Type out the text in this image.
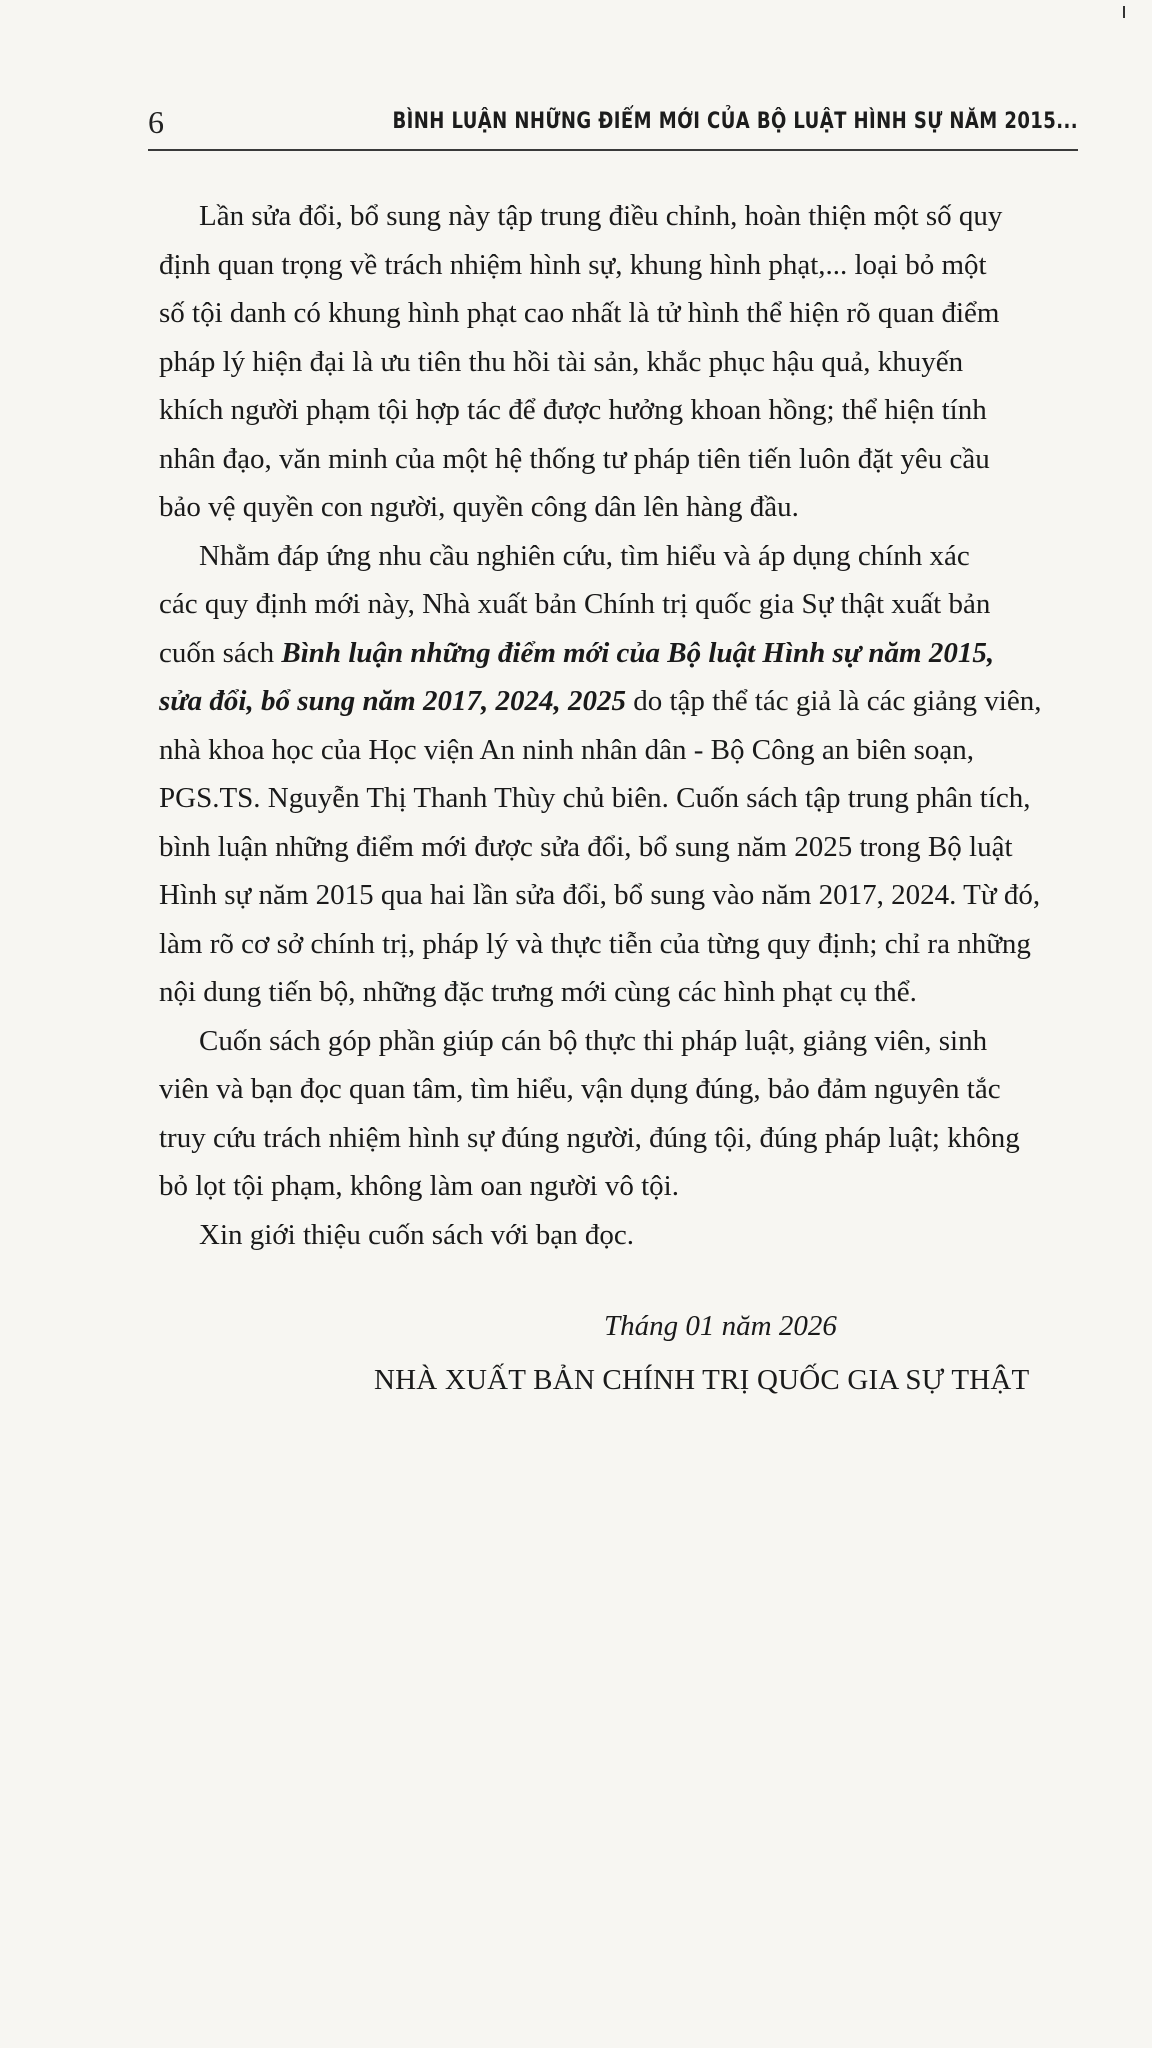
6	BÌNH LUẬN NHỮNG ĐIỂM MỚI CỦA BỘ LUẬT HÌNH SỰ NĂM 2015...
Lần sửa đổi, bổ sung này tập trung điều chỉnh, hoàn thiện một số quy
định quan trọng về trách nhiệm hình sự, khung hình phạt,... loại bỏ một
số tội danh có khung hình phạt cao nhất là tử hình thể hiện rõ quan điểm
pháp lý hiện đại là ưu tiên thu hồi tài sản, khắc phục hậu quả, khuyến
khích người phạm tội hợp tác để được hưởng khoan hồng; thể hiện tính
nhân đạo, văn minh của một hệ thống tư pháp tiên tiến luôn đặt yêu cầu
bảo vệ quyền con người, quyền công dân lên hàng đầu.
Nhằm đáp ứng nhu cầu nghiên cứu, tìm hiểu và áp dụng chính xác
các quy định mới này, Nhà xuất bản Chính trị quốc gia Sự thật xuất bản
cuốn sách Bình luận những điểm mới của Bộ luật Hình sự năm 2015,
sửa đổi, bổ sung năm 2017, 2024, 2025 do tập thể tác giả là các giảng viên,
nhà khoa học của Học viện An ninh nhân dân - Bộ Công an biên soạn,
PGS.TS. Nguyễn Thị Thanh Thùy chủ biên. Cuốn sách tập trung phân tích,
bình luận những điểm mới được sửa đổi, bổ sung năm 2025 trong Bộ luật
Hình sự năm 2015 qua hai lần sửa đổi, bổ sung vào năm 2017, 2024. Từ đó,
làm rõ cơ sở chính trị, pháp lý và thực tiễn của từng quy định; chỉ ra những
nội dung tiến bộ, những đặc trưng mới cùng các hình phạt cụ thể.
Cuốn sách góp phần giúp cán bộ thực thi pháp luật, giảng viên, sinh
viên và bạn đọc quan tâm, tìm hiểu, vận dụng đúng, bảo đảm nguyên tắc
truy cứu trách nhiệm hình sự đúng người, đúng tội, đúng pháp luật; không
bỏ lọt tội phạm, không làm oan người vô tội.
Xin giới thiệu cuốn sách với bạn đọc.
Tháng 01 năm 2026
NHÀ XUẤT BẢN CHÍNH TRỊ QUỐC GIA SỰ THẬT
